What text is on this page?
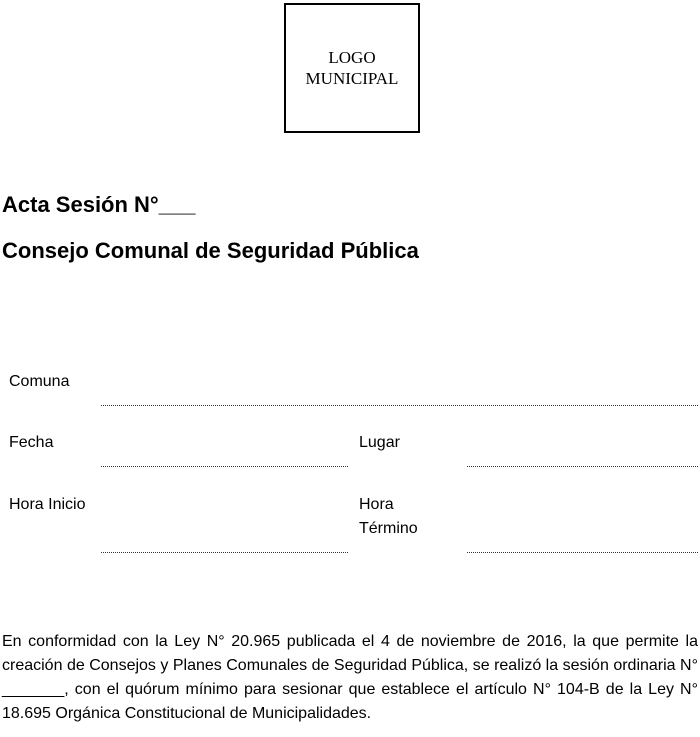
LOGO
MUNICIPAL
Acta Sesión N°___
Consejo Comunal de Seguridad Pública
Comuna
Fecha	Lugar
Hora Inicio	Hora
Término

En conformidad con la Ley N° 20.965 publicada el 4 de noviembre de 2016, la que permite la creación de Consejos y Planes Comunales de Seguridad Pública, se realizó la sesión ordinaria N° _______, con el quórum mínimo para sesionar que establece el artículo N° 104-B de la Ley N° 18.695 Orgánica Constitucional de Municipalidades.
